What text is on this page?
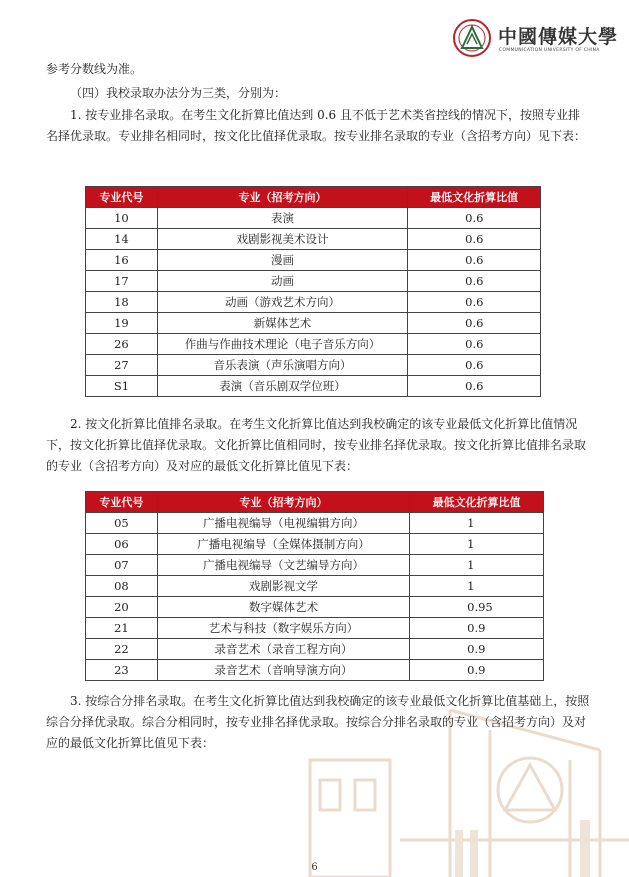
中國傳媒大學
COMMUNICATION UNIVERSITY OF CHINA

参考分数线为准。

（四）我校录取办法分为三类，分别为：

1. 按专业排名录取。在考生文化折算比值达到 0.6 且不低于艺术类省控线的情况下，按照专业排名择优录取。专业排名相同时，按文化比值择优录取。按专业排名录取的专业（含招考方向）见下表：

专业代号	专业（招考方向）	最低文化折算比值
10	表演	0.6
14	戏剧影视美术设计	0.6
16	漫画	0.6
17	动画	0.6
18	动画（游戏艺术方向）	0.6
19	新媒体艺术	0.6
26	作曲与作曲技术理论（电子音乐方向）	0.6
27	音乐表演（声乐演唱方向）	0.6
S1	表演（音乐剧双学位班）	0.6

2. 按文化折算比值排名录取。在考生文化折算比值达到我校确定的该专业最低文化折算比值情况下，按文化折算比值择优录取。文化折算比值相同时，按专业排名择优录取。按文化折算比值排名录取的专业（含招考方向）及对应的最低文化折算比值见下表：

专业代号	专业（招考方向）	最低文化折算比值
05	广播电视编导（电视编辑方向）	1
06	广播电视编导（全媒体摄制方向）	1
07	广播电视编导（文艺编导方向）	1
08	戏剧影视文学	1
20	数字媒体艺术	0.95
21	艺术与科技（数字娱乐方向）	0.9
22	录音艺术（录音工程方向）	0.9
23	录音艺术（音响导演方向）	0.9

3. 按综合分排名录取。在考生文化折算比值达到我校确定的该专业最低文化折算比值基础上，按照综合分择优录取。综合分相同时，按专业排名择优录取。按综合分排名录取的专业（含招考方向）及对应的最低文化折算比值见下表：

6
